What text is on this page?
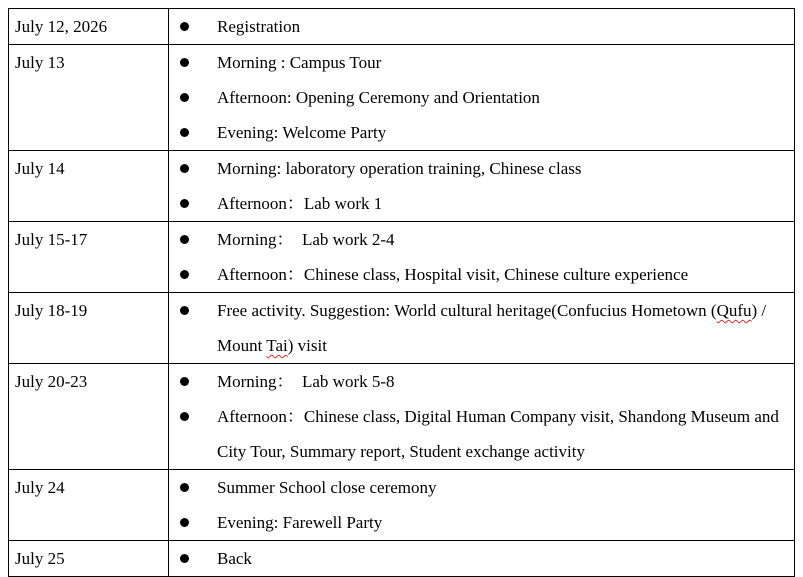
July 12, 2026	Registration

July 13	Morning : Campus Tour
Afternoon: Opening Ceremony and Orientation
Evening: Welcome Party

July 14	Morning: laboratory operation training, Chinese class
Afternoon：Lab work 1

July 15-17	Morning：  Lab work 2-4
Afternoon：Chinese class, Hospital visit, Chinese culture experience

July 18-19	Free activity. Suggestion: World cultural heritage(Confucius Hometown (Qufu) / Mount Tai) visit

July 20-23	Morning：  Lab work 5-8
Afternoon：Chinese class, Digital Human Company visit, Shandong Museum and City Tour, Summary report, Student exchange activity

July 24	Summer School close ceremony
Evening: Farewell Party

July 25	Back
